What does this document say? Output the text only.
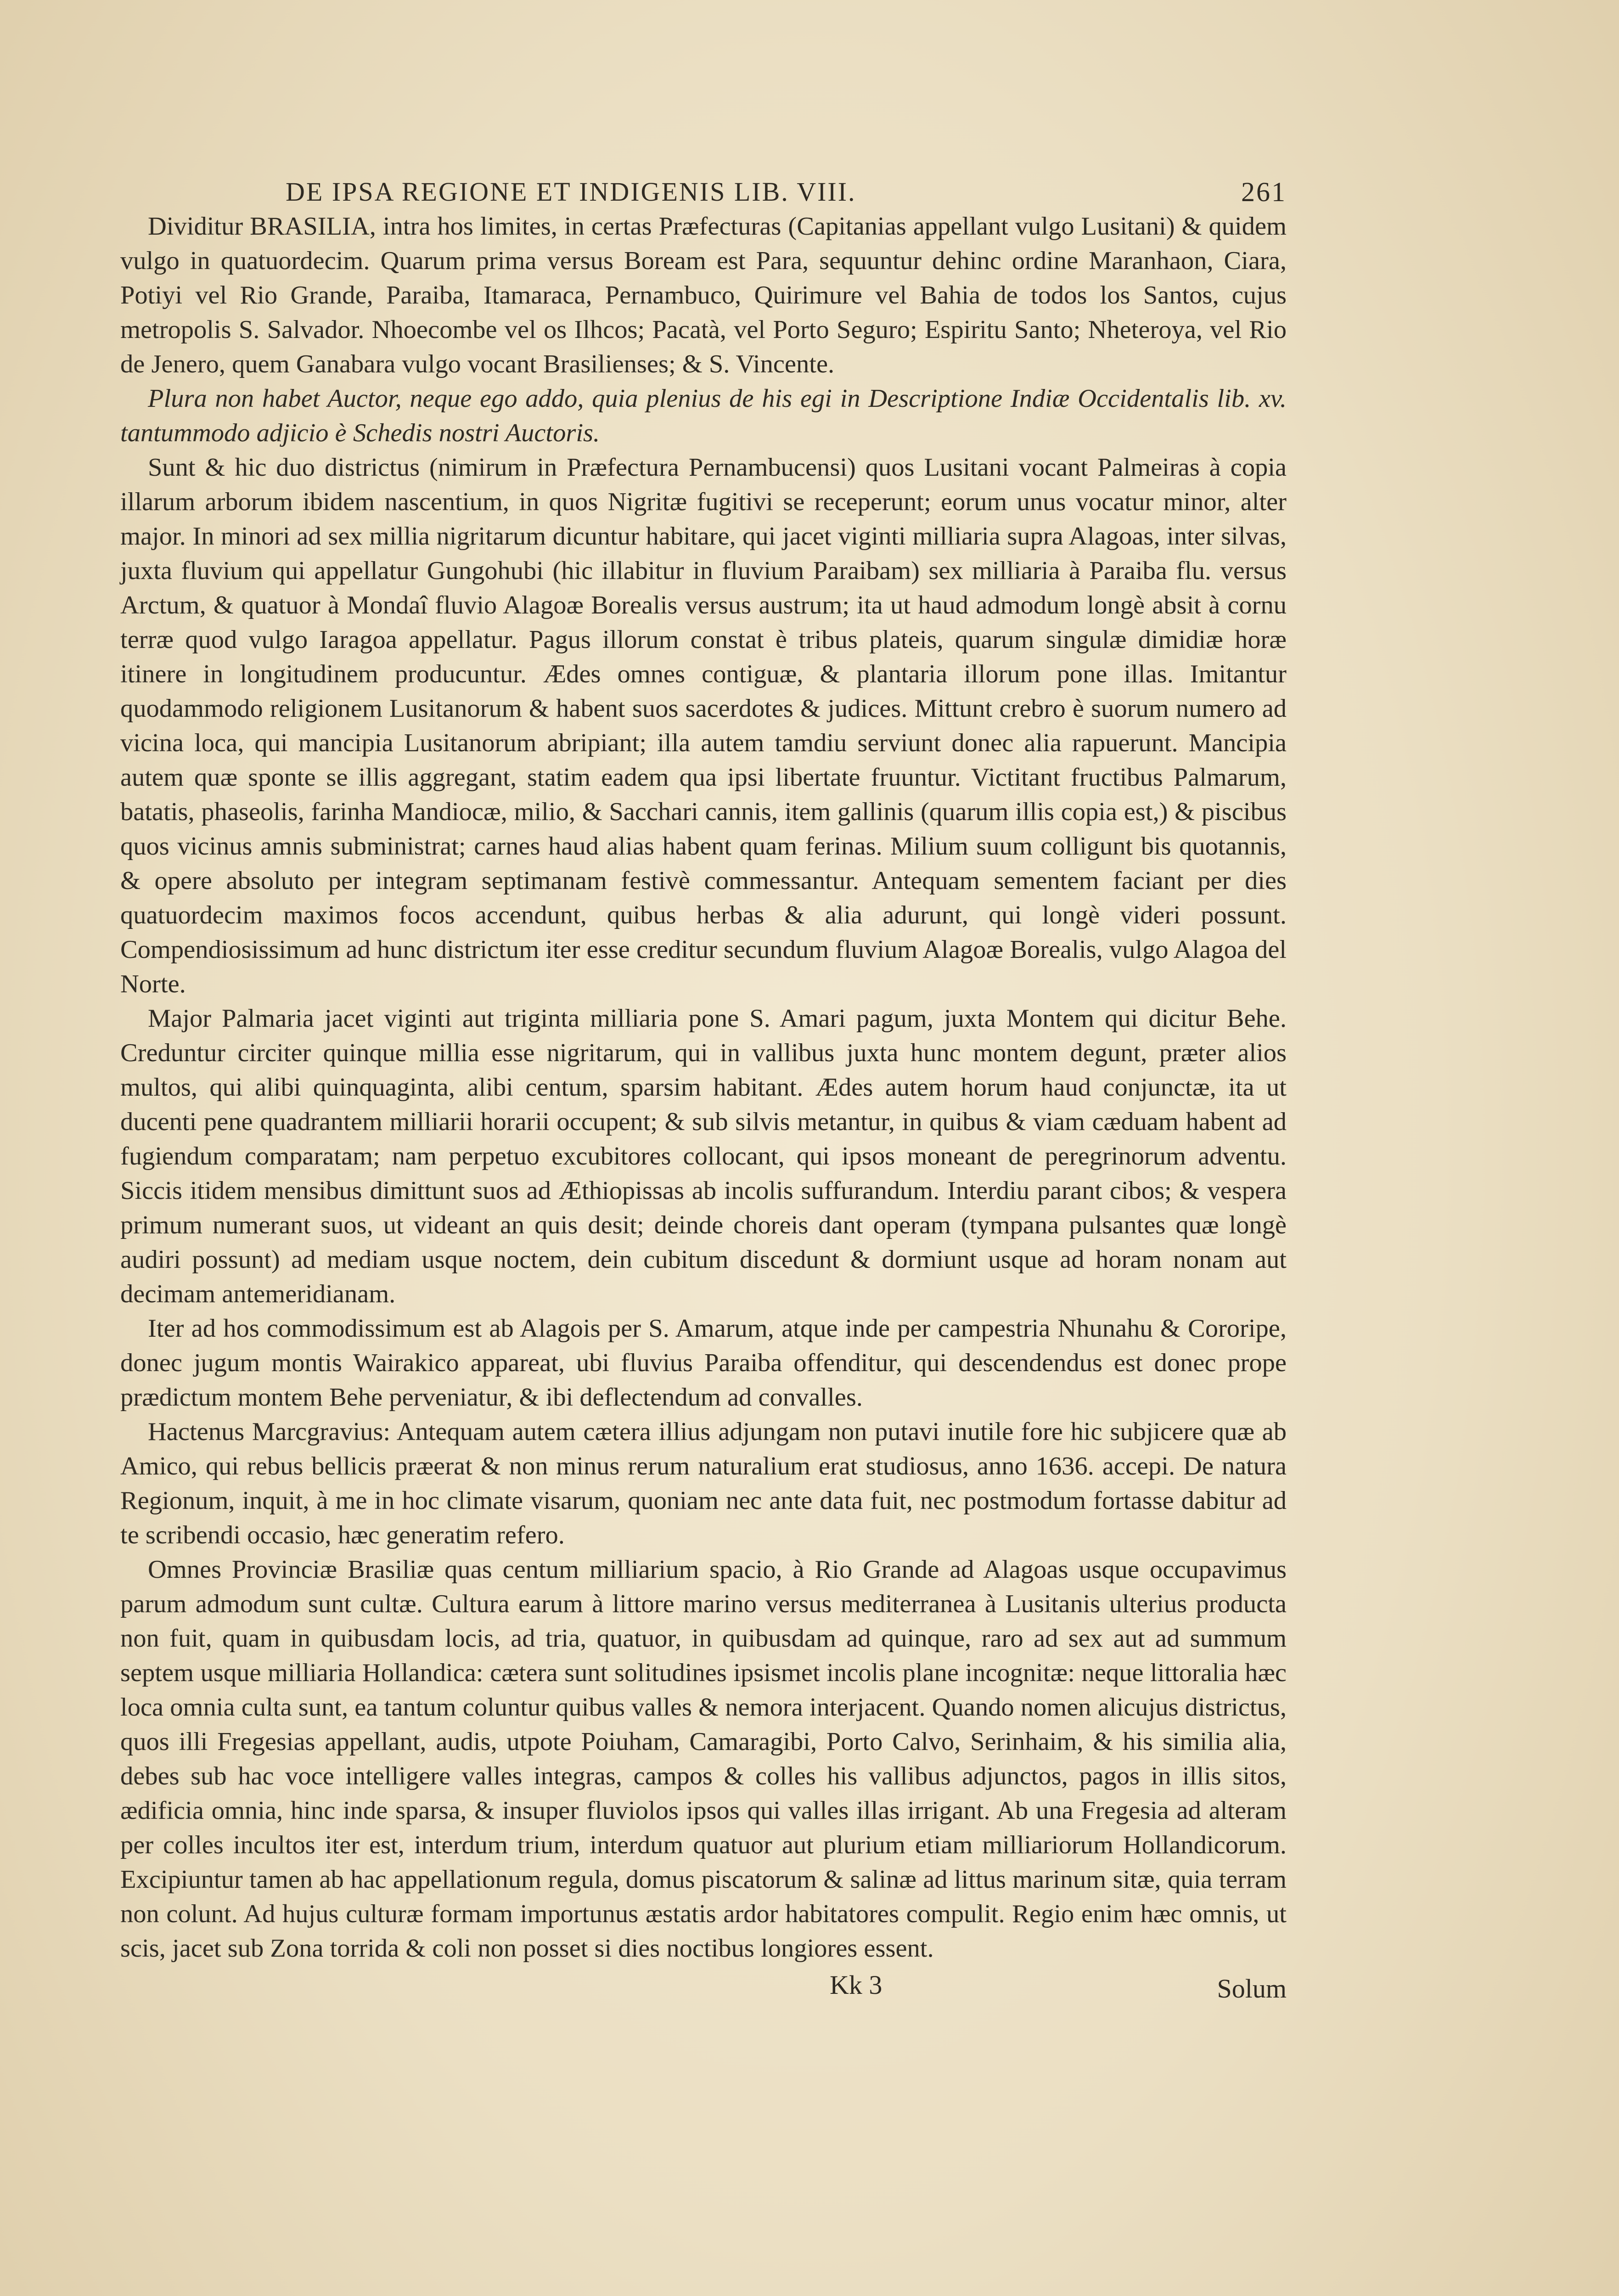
DE IPSA REGIONE ET INDIGENIS LIB. VIII.	261

Dividitur BRASILIA, intra hos limites, in certas Præfecturas (Capitanias appellant vulgo Lusitani) & quidem vulgo in quatuordecim. Quarum prima versus Boream est Para, sequuntur dehinc ordine Maranhaon, Ciara, Potiyi vel Rio Grande, Paraiba, Itamaraca, Pernambuco, Quirimure vel Bahia de todos los Santos, cujus metropolis S. Salvador. Nhoecombe vel os Ilhcos; Pacatà, vel Porto Seguro; Espiritu Santo; Nheteroya, vel Rio de Jenero, quem Ganabara vulgo vocant Brasilienses; & S. Vincente.

Plura non habet Auctor, neque ego addo, quia plenius de his egi in Descriptione Indiæ Occidentalis lib. xv. tantummodo adjicio è Schedis nostri Auctoris.

Sunt & hic duo districtus (nimirum in Præfectura Pernambucensi) quos Lusitani vocant Palmeiras à copia illarum arborum ibidem nascentium, in quos Nigritæ fugitivi se receperunt; eorum unus vocatur minor, alter major. In minori ad sex millia nigritarum dicuntur habitare, qui jacet viginti milliaria supra Alagoas, inter silvas, juxta fluvium qui appellatur Gungohubi (hic illabitur in fluvium Paraibam) sex milliaria à Paraiba flu. versus Arctum, & quatuor à Mondaî fluvio Alagoæ Borealis versus austrum; ita ut haud admodum longè absit à cornu terræ quod vulgo Iaragoa appellatur. Pagus illorum constat è tribus plateis, quarum singulæ dimidiæ horæ itinere in longitudinem producuntur. Ædes omnes contiguæ, & plantaria illorum pone illas. Imitantur quodammodo religionem Lusitanorum & habent suos sacerdotes & judices. Mittunt crebro è suorum numero ad vicina loca, qui mancipia Lusitanorum abripiant; illa autem tamdiu serviunt donec alia rapuerunt. Mancipia autem quæ sponte se illis aggregant, statim eadem qua ipsi libertate fruuntur. Victitant fructibus Palmarum, batatis, phaseolis, farinha Mandiocæ, milio, & Sacchari cannis, item gallinis (quarum illis copia est,) & piscibus quos vicinus amnis subministrat; carnes haud alias habent quam ferinas. Milium suum colligunt bis quotannis, & opere absoluto per integram septimanam festivè commessantur. Antequam sementem faciant per dies quatuordecim maximos focos accendunt, quibus herbas & alia adurunt, qui longè videri possunt. Compendiosissimum ad hunc districtum iter esse creditur secundum fluvium Alagoæ Borealis, vulgo Alagoa del Norte.

Major Palmaria jacet viginti aut triginta milliaria pone S. Amari pagum, juxta Montem qui dicitur Behe. Creduntur circiter quinque millia esse nigritarum, qui in vallibus juxta hunc montem degunt, præter alios multos, qui alibi quinquaginta, alibi centum, sparsim habitant. Ædes autem horum haud conjunctæ, ita ut ducenti pene quadrantem milliarii horarii occupent; & sub silvis metantur, in quibus & viam cæduam habent ad fugiendum comparatam; nam perpetuo excubitores collocant, qui ipsos moneant de peregrinorum adventu. Siccis itidem mensibus dimittunt suos ad Æthiopissas ab incolis suffurandum. Interdiu parant cibos; & vespera primum numerant suos, ut videant an quis desit; deinde choreis dant operam (tympana pulsantes quæ longè audiri possunt) ad mediam usque noctem, dein cubitum discedunt & dormiunt usque ad horam nonam aut decimam antemeridianam.

Iter ad hos commodissimum est ab Alagois per S. Amarum, atque inde per campestria Nhunahu & Cororipe, donec jugum montis Wairakico appareat, ubi fluvius Paraiba offenditur, qui descendendus est donec prope prædictum montem Behe perveniatur, & ibi deflectendum ad convalles.

Hactenus Marcgravius: Antequam autem cætera illius adjungam non putavi inutile fore hic subjicere quæ ab Amico, qui rebus bellicis præerat & non minus rerum naturalium erat studiosus, anno 1636. accepi. De natura Regionum, inquit, à me in hoc climate visarum, quoniam nec ante data fuit, nec postmodum fortasse dabitur ad te scribendi occasio, hæc generatim refero.

Omnes Provinciæ Brasiliæ quas centum milliarium spacio, à Rio Grande ad Alagoas usque occupavimus parum admodum sunt cultæ. Cultura earum à littore marino versus mediterranea à Lusitanis ulterius producta non fuit, quam in quibusdam locis, ad tria, quatuor, in quibusdam ad quinque, raro ad sex aut ad summum septem usque milliaria Hollandica: cætera sunt solitudines ipsismet incolis plane incognitæ: neque littoralia hæc loca omnia culta sunt, ea tantum coluntur quibus valles & nemora interjacent. Quando nomen alicujus districtus, quos illi Fregesias appellant, audis, utpote Poiuham, Camaragibi, Porto Calvo, Serinhaim, & his similia alia, debes sub hac voce intelligere valles integras, campos & colles his vallibus adjunctos, pagos in illis sitos, ædificia omnia, hinc inde sparsa, & insuper fluviolos ipsos qui valles illas irrigant. Ab una Fregesia ad alteram per colles incultos iter est, interdum trium, interdum quatuor aut plurium etiam milliariorum Hollandicorum. Excipiuntur tamen ab hac appellationum regula, domus piscatorum & salinæ ad littus marinum sitæ, quia terram non colunt. Ad hujus culturæ formam importunus æstatis ardor habitatores compulit. Regio enim hæc omnis, ut scis, jacet sub Zona torrida & coli non posset si dies noctibus longiores essent.

Kk 3	Solum
